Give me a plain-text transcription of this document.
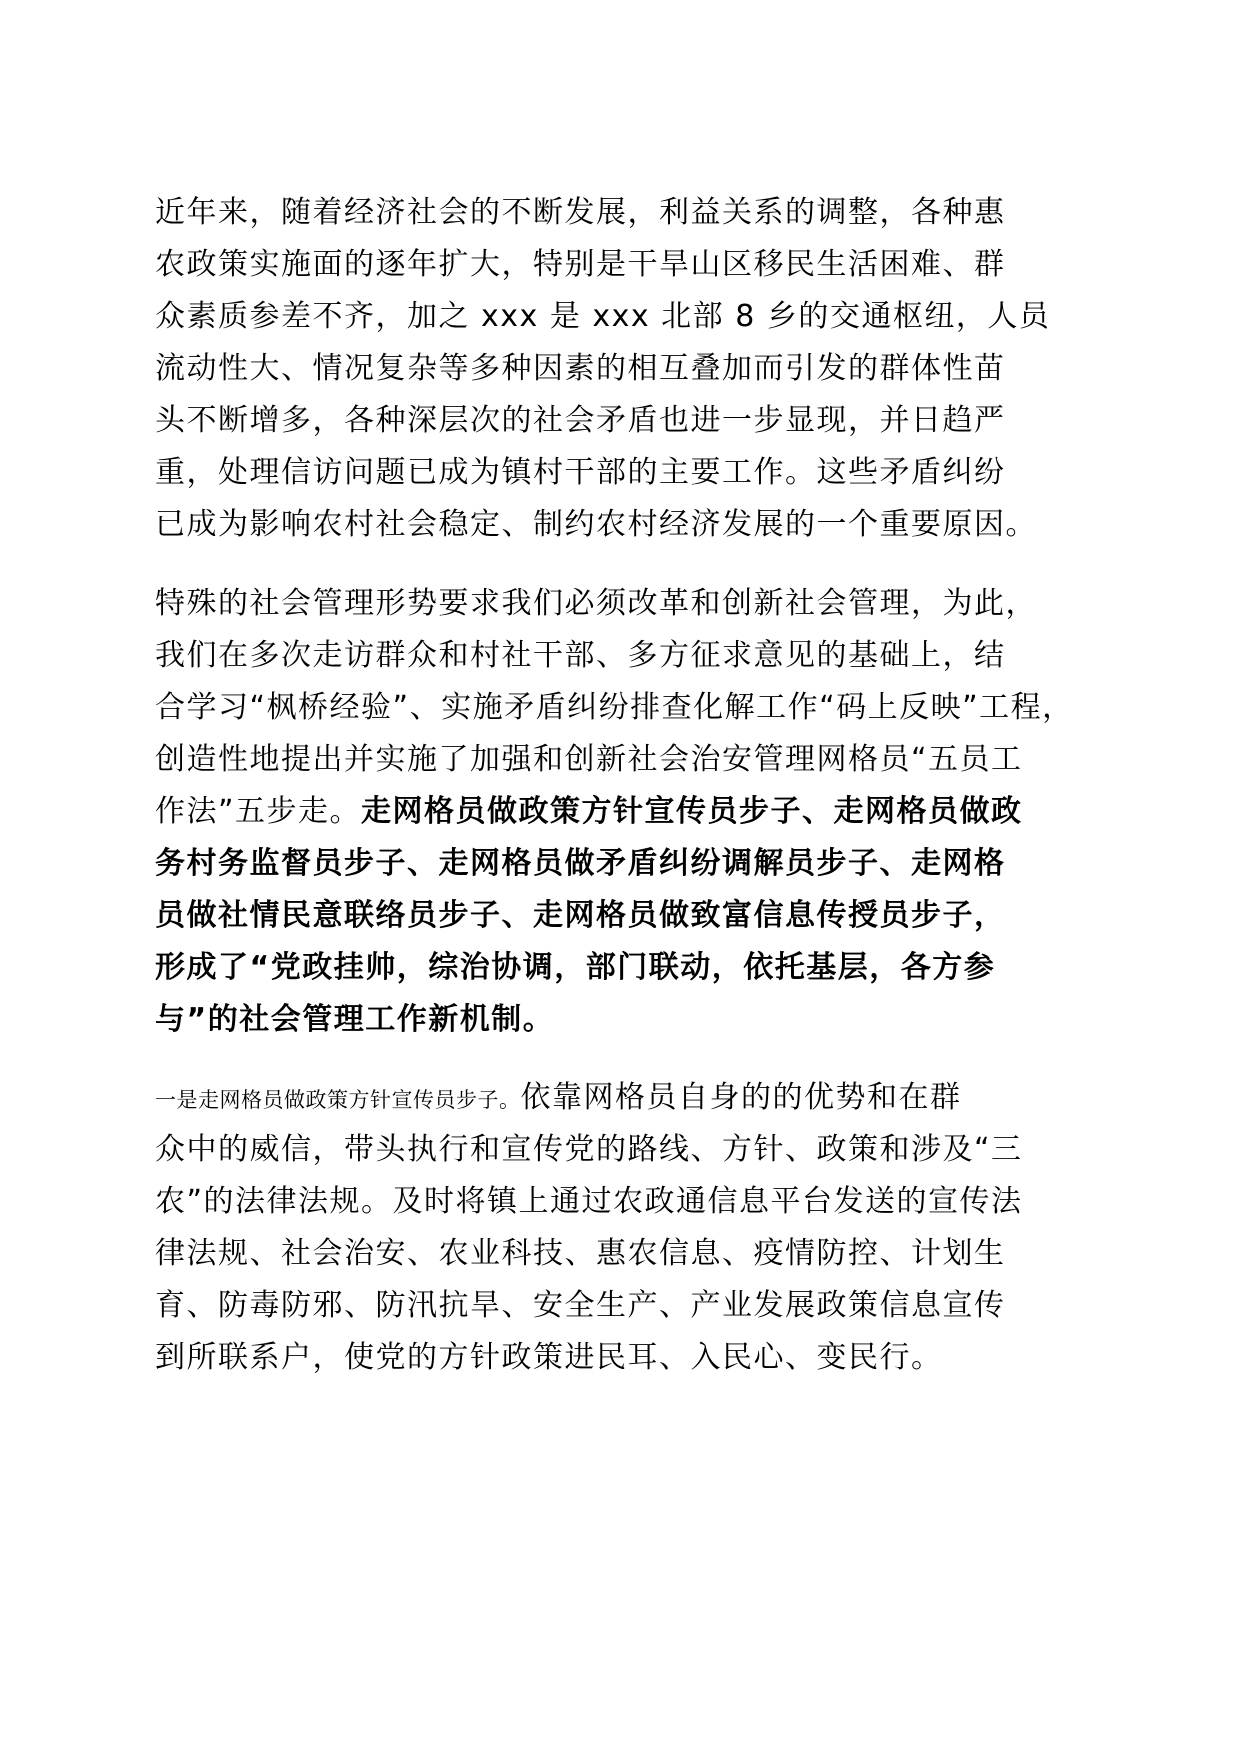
近年来，随着经济社会的不断发展，利益关系的调整，各种惠

农政策实施面的逐年扩大，特别是干旱山区移民生活困难、群

众素质参差不齐，加之 xxx 是 xxx 北部 8 乡的交通枢纽，人员

流动性大、情况复杂等多种因素的相互叠加而引发的群体性苗

头不断增多，各种深层次的社会矛盾也进一步显现，并日趋严

重，处理信访问题已成为镇村干部的主要工作。这些矛盾纠纷

已成为影响农村社会稳定、制约农村经济发展的一个重要原因。

特殊的社会管理形势要求我们必须改革和创新社会管理，为此，

我们在多次走访群众和村社干部、多方征求意见的基础上，结

合学习“枫桥经验”、实施矛盾纠纷排查化解工作“码上反映”工程，

创造性地提出并实施了加强和创新社会治安管理网格员“五员工

作法”五步走。走网格员做政策方针宣传员步子、走网格员做政

务村务监督员步子、走网格员做矛盾纠纷调解员步子、走网格

员做社情民意联络员步子、走网格员做致富信息传授员步子，

形成了“党政挂帅，综治协调，部门联动，依托基层，各方参

与”的社会管理工作新机制。

一是走网格员做政策方针宣传员步子。依靠网格员自身的的优势和在群

众中的威信，带头执行和宣传党的路线、方针、政策和涉及“三

农”的法律法规。及时将镇上通过农政通信息平台发送的宣传法

律法规、社会治安、农业科技、惠农信息、疫情防控、计划生

育、防毒防邪、防汛抗旱、安全生产、产业发展政策信息宣传

到所联系户，使党的方针政策进民耳、入民心、变民行。
